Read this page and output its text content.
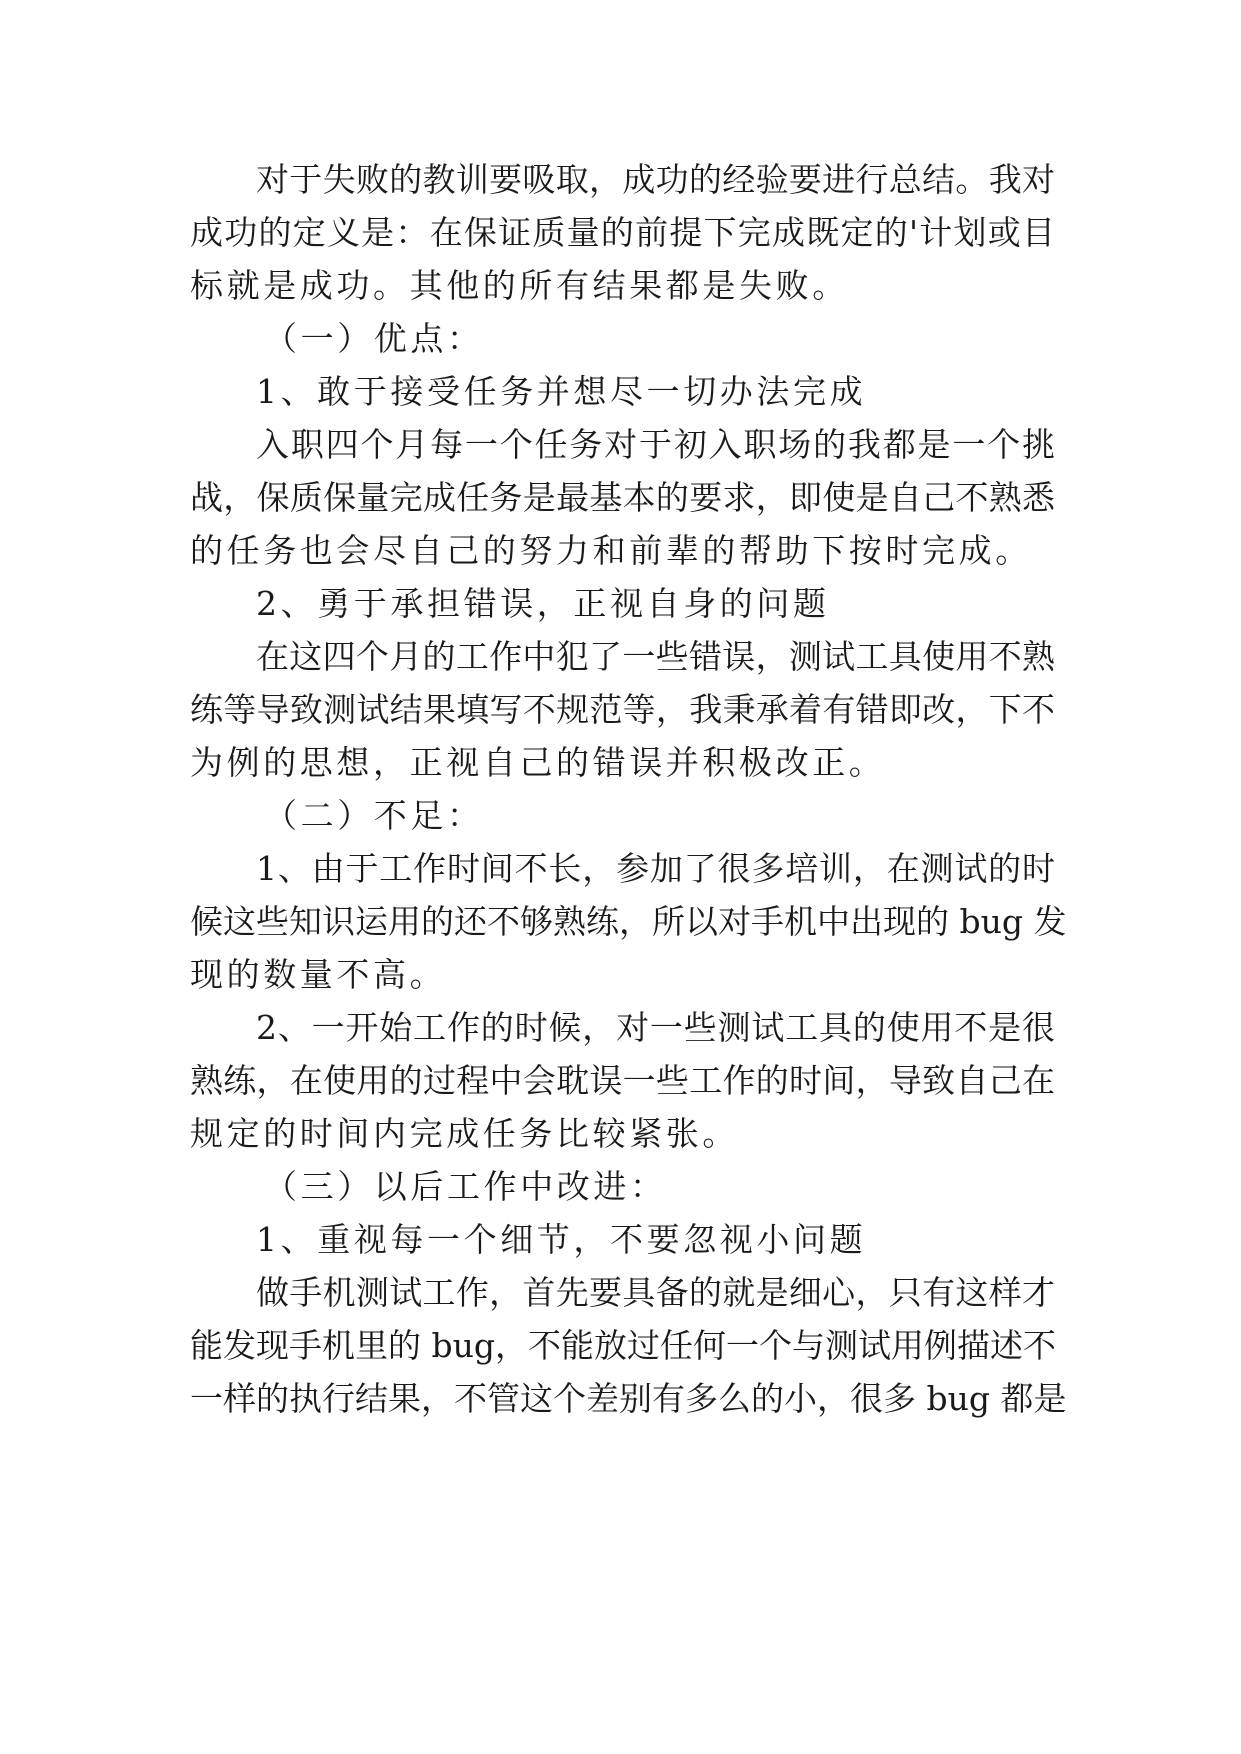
对于失败的教训要吸取，成功的经验要进行总结。我对
成功的定义是：在保证质量的前提下完成既定的'计划或目
标就是成功。其他的所有结果都是失败。
（一）优点：
1、敢于接受任务并想尽一切办法完成
入职四个月每一个任务对于初入职场的我都是一个挑
战，保质保量完成任务是最基本的要求，即使是自己不熟悉
的任务也会尽自己的努力和前辈的帮助下按时完成。
2、勇于承担错误，正视自身的问题
在这四个月的工作中犯了一些错误，测试工具使用不熟
练等导致测试结果填写不规范等，我秉承着有错即改，下不
为例的思想，正视自己的错误并积极改正。
（二）不足：
1、由于工作时间不长，参加了很多培训，在测试的时
候这些知识运用的还不够熟练，所以对手机中出现的 bug 发
现的数量不高。
2、一开始工作的时候，对一些测试工具的使用不是很
熟练，在使用的过程中会耽误一些工作的时间，导致自己在
规定的时间内完成任务比较紧张。
（三）以后工作中改进：
1、重视每一个细节，不要忽视小问题
做手机测试工作，首先要具备的就是细心，只有这样才
能发现手机里的 bug，不能放过任何一个与测试用例描述不
一样的执行结果，不管这个差别有多么的小，很多 bug 都是
